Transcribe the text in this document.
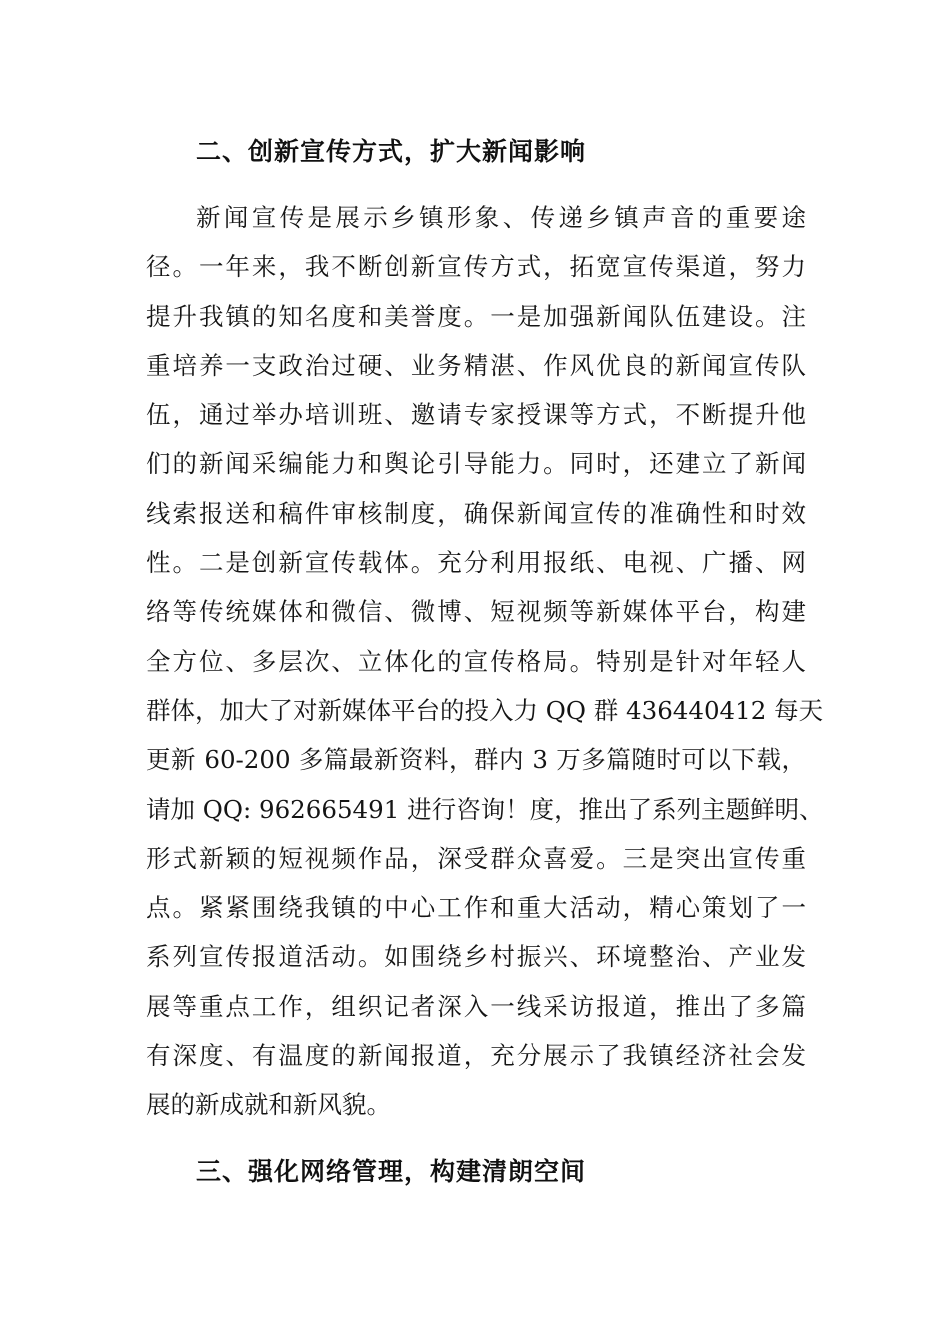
二、创新宣传方式，扩大新闻影响
新闻宣传是展示乡镇形象、传递乡镇声音的重要途
径。一年来，我不断创新宣传方式，拓宽宣传渠道，努力
提升我镇的知名度和美誉度。一是加强新闻队伍建设。注
重培养一支政治过硬、业务精湛、作风优良的新闻宣传队
伍，通过举办培训班、邀请专家授课等方式，不断提升他
们的新闻采编能力和舆论引导能力。同时，还建立了新闻
线索报送和稿件审核制度，确保新闻宣传的准确性和时效
性。二是创新宣传载体。充分利用报纸、电视、广播、网
络等传统媒体和微信、微博、短视频等新媒体平台，构建
全方位、多层次、立体化的宣传格局。特别是针对年轻人
群体，加大了对新媒体平台的投入力 QQ 群 436440412 每天
更新 60-200 多篇最新资料，群内 3 万多篇随时可以下载，
请加 QQ: 962665491 进行咨询！度，推出了系列主题鲜明、
形式新颖的短视频作品，深受群众喜爱。三是突出宣传重
点。紧紧围绕我镇的中心工作和重大活动，精心策划了一
系列宣传报道活动。如围绕乡村振兴、环境整治、产业发
展等重点工作，组织记者深入一线采访报道，推出了多篇
有深度、有温度的新闻报道，充分展示了我镇经济社会发
展的新成就和新风貌。
三、强化网络管理，构建清朗空间
